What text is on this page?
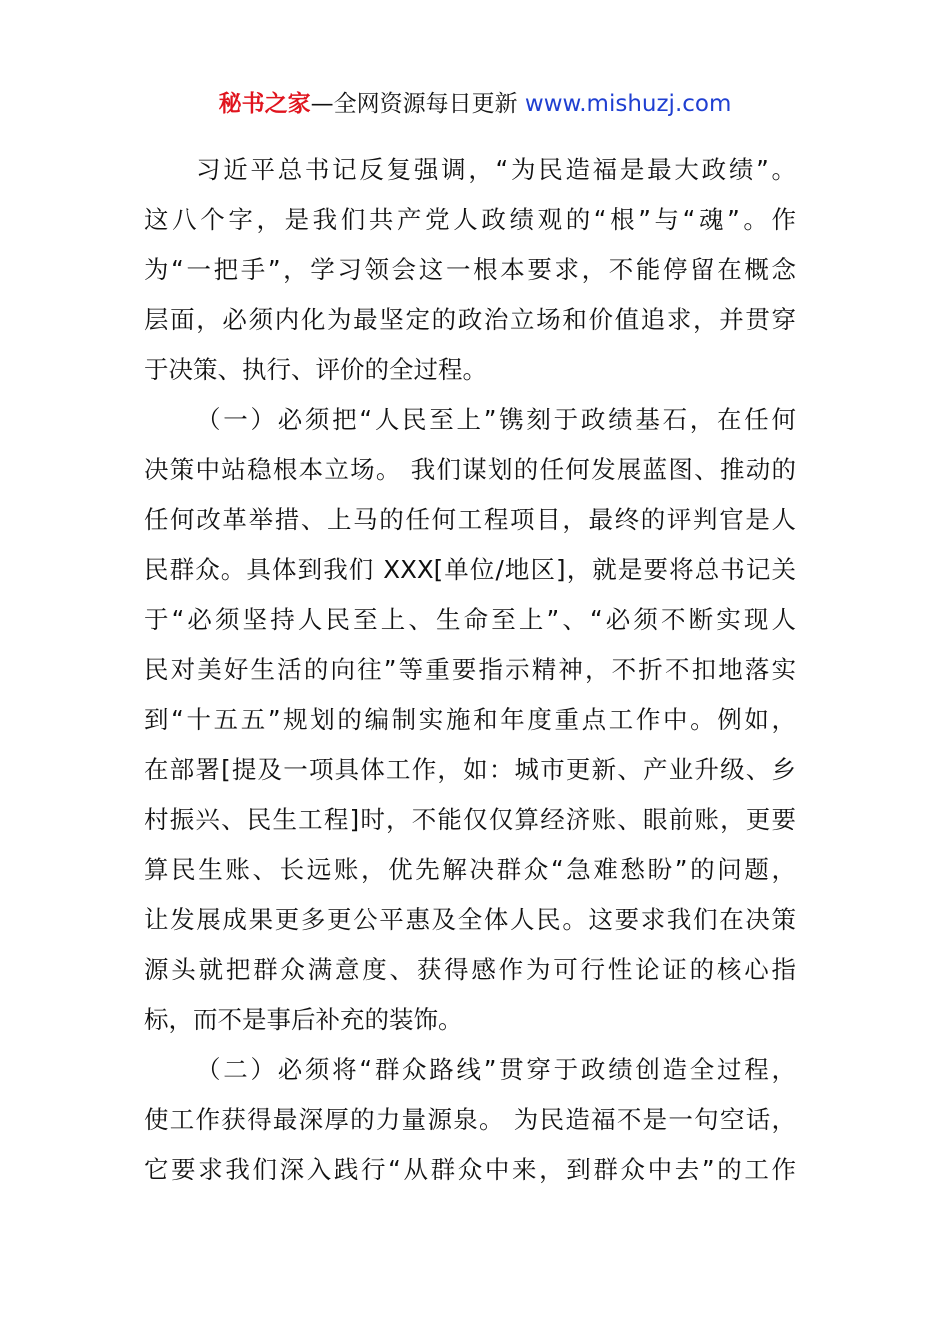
秘书之家—全网资源每日更新 www.mishuzj.com
习近平总书记反复强调，“为民造福是最大政绩”。
这八个字，是我们共产党人政绩观的“根”与“魂”。作
为“一把手”，学习领会这一根本要求，不能停留在概念
层面，必须内化为最坚定的政治立场和价值追求，并贯穿
于决策、执行、评价的全过程。
（一）必须把“人民至上”镌刻于政绩基石，在任何
决策中站稳根本立场。 我们谋划的任何发展蓝图、推动的
任何改革举措、上马的任何工程项目，最终的评判官是人
民群众。具体到我们 XXX[单位/地区]，就是要将总书记关
于“必须坚持人民至上、生命至上”、“必须不断实现人
民对美好生活的向往”等重要指示精神，不折不扣地落实
到“十五五”规划的编制实施和年度重点工作中。例如，
在部署[提及一项具体工作，如：城市更新、产业升级、乡
村振兴、民生工程]时，不能仅仅算经济账、眼前账，更要
算民生账、长远账，优先解决群众“急难愁盼”的问题，
让发展成果更多更公平惠及全体人民。这要求我们在决策
源头就把群众满意度、获得感作为可行性论证的核心指
标，而不是事后补充的装饰。
（二）必须将“群众路线”贯穿于政绩创造全过程，
使工作获得最深厚的力量源泉。 为民造福不是一句空话，
它要求我们深入践行“从群众中来，到群众中去”的工作
